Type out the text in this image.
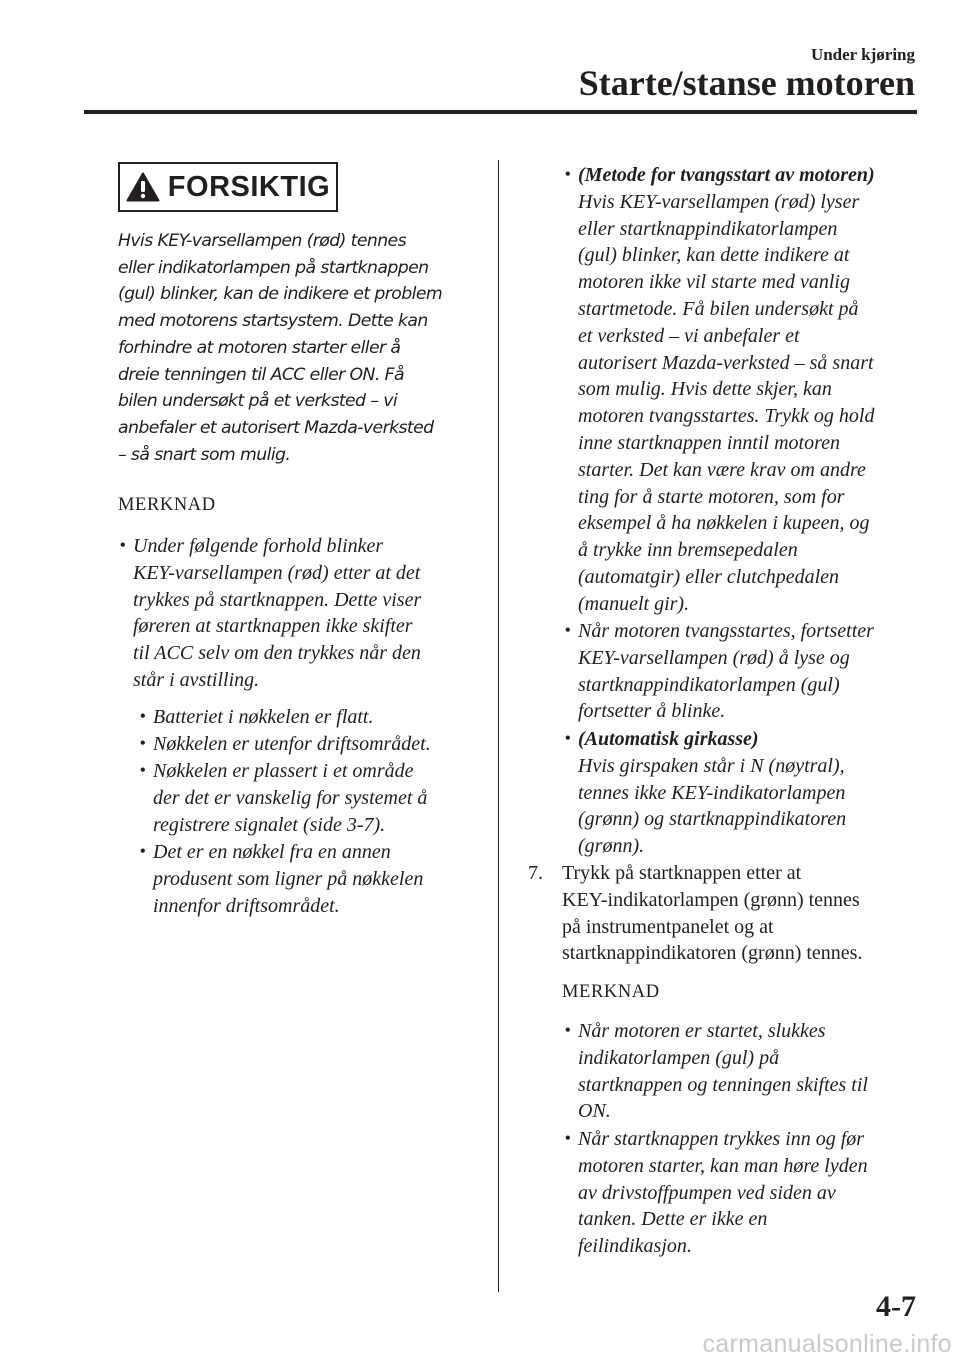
Under kjøring
Starte/stanse motoren
FORSIKTIG
Hvis KEY-varsellampen (rød) tennes
eller indikatorlampen på startknappen
(gul) blinker, kan de indikere et problem
med motorens startsystem. Dette kan
forhindre at motoren starter eller å
dreie tenningen til ACC eller ON. Få
bilen undersøkt på et verksted – vi
anbefaler et autorisert Mazda-verksted
– så snart som mulig.
MERKNAD
• Under følgende forhold blinker
KEY-varsellampen (rød) etter at det
trykkes på startknappen. Dette viser
føreren at startknappen ikke skifter
til ACC selv om den trykkes når den
står i avstilling.
• Batteriet i nøkkelen er flatt.
• Nøkkelen er utenfor driftsområdet.
• Nøkkelen er plassert i et område
der det er vanskelig for systemet å
registrere signalet (side 3-7).
• Det er en nøkkel fra en annen
produsent som ligner på nøkkelen
innenfor driftsområdet.
• (Metode for tvangsstart av motoren)
Hvis KEY-varsellampen (rød) lyser
eller startknappindikatorlampen
(gul) blinker, kan dette indikere at
motoren ikke vil starte med vanlig
startmetode. Få bilen undersøkt på
et verksted – vi anbefaler et
autorisert Mazda-verksted – så snart
som mulig. Hvis dette skjer, kan
motoren tvangsstartes. Trykk og hold
inne startknappen inntil motoren
starter. Det kan være krav om andre
ting for å starte motoren, som for
eksempel å ha nøkkelen i kupeen, og
å trykke inn bremsepedalen
(automatgir) eller clutchpedalen
(manuelt gir).
• Når motoren tvangsstartes, fortsetter
KEY-varsellampen (rød) å lyse og
startknappindikatorlampen (gul)
fortsetter å blinke.
• (Automatisk girkasse)
Hvis girspaken står i N (nøytral),
tennes ikke KEY-indikatorlampen
(grønn) og startknappindikatoren
(grønn).
7. Trykk på startknappen etter at
KEY-indikatorlampen (grønn) tennes
på instrumentpanelet og at
startknappindikatoren (grønn) tennes.
MERKNAD
• Når motoren er startet, slukkes
indikatorlampen (gul) på
startknappen og tenningen skiftes til
ON.
• Når startknappen trykkes inn og før
motoren starter, kan man høre lyden
av drivstoffpumpen ved siden av
tanken. Dette er ikke en
feilindikasjon.
4-7
carmanualsonline.info
